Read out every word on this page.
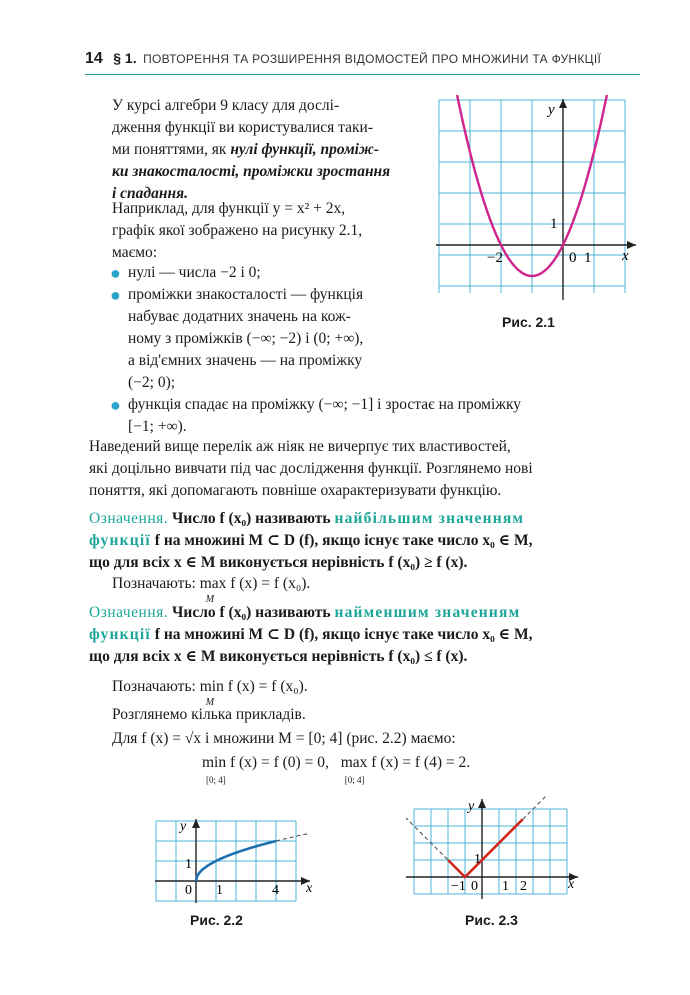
14 § 1. ПОВТОРЕННЯ ТА РОЗШИРЕННЯ ВІДОМОСТЕЙ ПРО МНОЖИНИ ТА ФУНКЦІЇ
У курсі алгебри 9 класу для дослі-
дження функції ви користувалися таки-
ми поняттями, як нулі функції, проміж-
ки знакосталості, проміжки зростання
і спадання.
Наприклад, для функції y = x² + 2x,
графік якої зображено на рисунку 2.1,
маємо:
● нулі — числа −2 і 0;
● проміжки знакосталості — функція
набуває додатних значень на кож-
ному з проміжків (−∞; −2) і (0; +∞),
а від'ємних значень — на проміжку
(−2; 0);
● функція спадає на проміжку (−∞; −1] і зростає на проміжку
[−1; +∞).
y
x
−2	0 1
1
Рис. 2.1
Наведений вище перелік аж ніяк не вичерпує тих властивостей,
які доцільно вивчати під час дослідження функції. Розглянемо нові
поняття, які допомагають повніше охарактеризувати функцію.
Означення. Число f (x₀) називають найбільшим значенням
функції f на множині M ⊂ D (f), якщо існує таке число x₀ ∈ M,
що для всіх x ∈ M виконується нерівність f (x₀) ≥ f (x).
Позначають: max f (x) = f (x₀).
M
Означення. Число f (x₀) називають найменшим значенням
функції f на множині M ⊂ D (f), якщо існує таке число x₀ ∈ M,
що для всіх x ∈ M виконується нерівність f (x₀) ≤ f (x).
Позначають: min f (x) = f (x₀).
M
Розглянемо кілька прикладів.
Для f (x) = √x і множини M = [0; 4] (рис. 2.2) маємо:
min f (x) = f (0) = 0,
[0; 4]
max f (x) = f (4) = 2.
[0; 4]
y
x
0 1	4
1
Рис. 2.2
y
x
−1 0 1 2
1
Рис. 2.3
